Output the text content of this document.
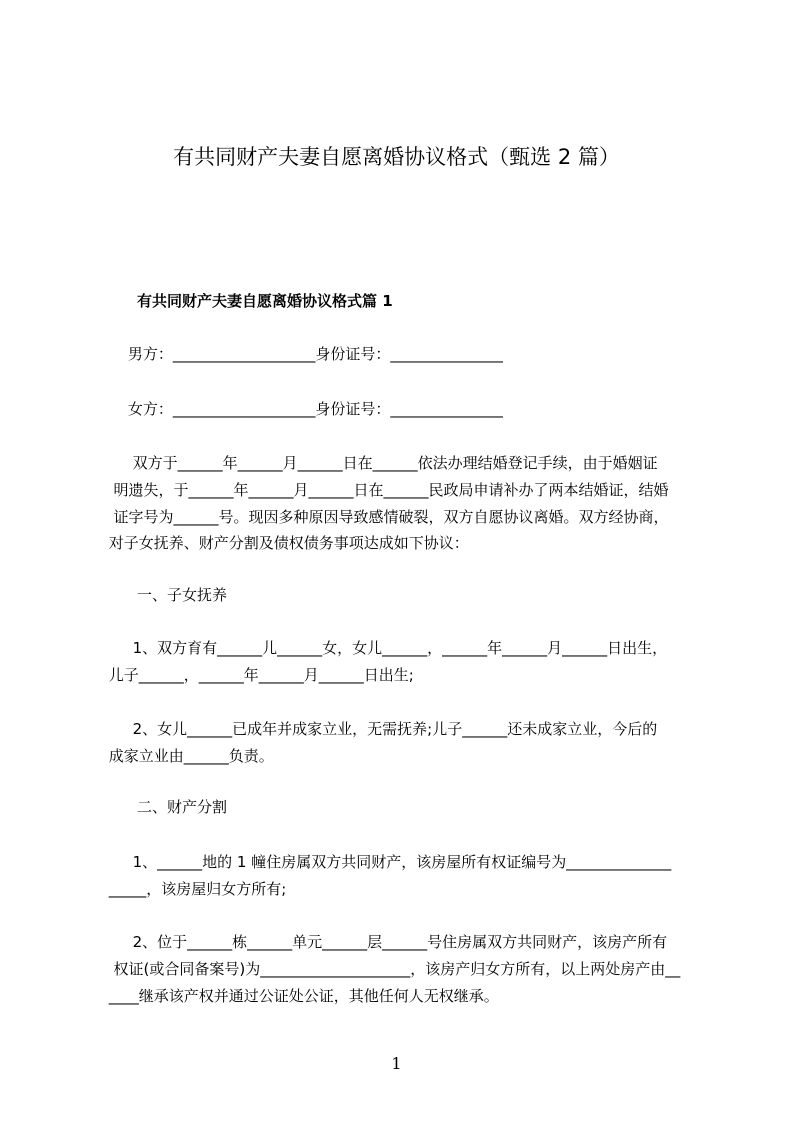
有共同财产夫妻自愿离婚协议格式（甄选 2 篇）
有共同财产夫妻自愿离婚协议格式篇 1
男方：___________________身份证号：_______________
女方：___________________身份证号：_______________
双方于______年______月______日在______依法办理结婚登记手续，由于婚姻证
明遗失，于______年______月______日在______民政局申请补办了两本结婚证，结婚
证字号为______号。现因多种原因导致感情破裂，双方自愿协议离婚。双方经协商，
对子女抚养、财产分割及债权债务事项达成如下协议：
一、子女抚养
1、双方育有______儿______女，女儿______，______年______月______日出生，
儿子______，______年______月______日出生;
2、女儿______已成年并成家立业，无需抚养;儿子______还未成家立业，今后的
成家立业由______负责。
二、财产分割
1、______地的 1 幢住房属双方共同财产，该房屋所有权证编号为______________
_____，该房屋归女方所有;
2、位于______栋______单元______层______号住房属双方共同财产，该房产所有
权证(或合同备案号)为____________________，该房产归女方所有，以上两处房产由__
____继承该产权并通过公证处公证，其他任何人无权继承。
1
